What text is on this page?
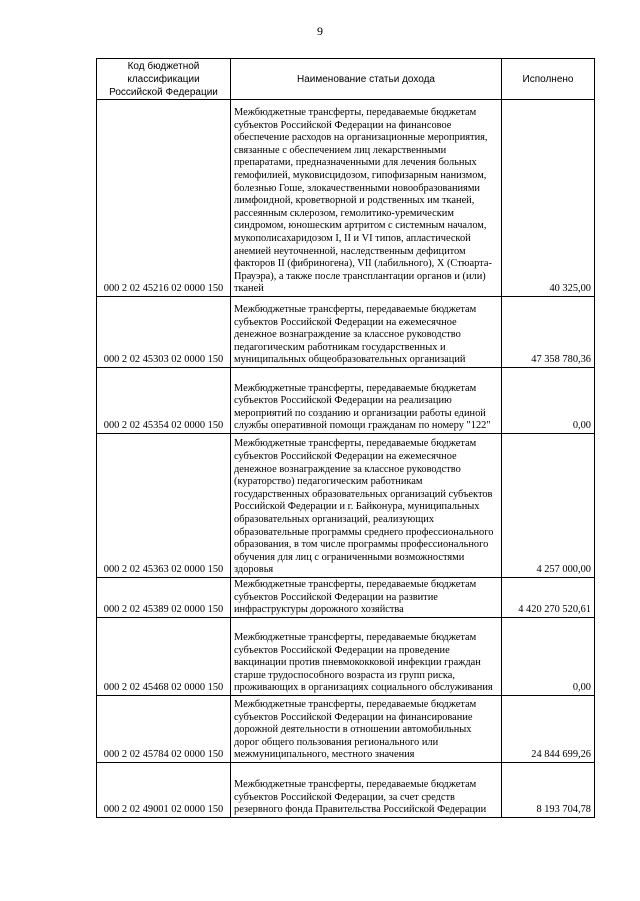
9
Код бюджетной классификации Российской Федерации	Наименование статьи дохода	Исполнено
000 2 02 45216 02 0000 150	Межбюджетные трансферты, передаваемые бюджетам субъектов Российской Федерации на финансовое обеспечение расходов на организационные мероприятия, связанные с обеспечением лиц лекарственными препаратами, предназначенными для лечения больных гемофилией, муковисцидозом, гипофизарным нанизмом, болезнью Гоше, злокачественными новообразованиями лимфоидной, кроветворной и родственных им тканей, рассеянным склерозом, гемолитико-уремическим синдромом, юношеским артритом с системным началом, мукополисахаридозом I, II и VI типов, апластической анемией неуточненной, наследственным дефицитом факторов II (фибриногена), VII (лабильного), X (Стюарта-Прауэра), а также после трансплантации органов и (или) тканей	40 325,00
000 2 02 45303 02 0000 150	Межбюджетные трансферты, передаваемые бюджетам субъектов Российской Федерации на ежемесячное денежное вознаграждение за классное руководство педагогическим работникам государственных и муниципальных общеобразовательных организаций	47 358 780,36
000 2 02 45354 02 0000 150	Межбюджетные трансферты, передаваемые бюджетам субъектов Российской Федерации на реализацию мероприятий по созданию и организации работы единой службы оперативной помощи гражданам по номеру "122"	0,00
000 2 02 45363 02 0000 150	Межбюджетные трансферты, передаваемые бюджетам субъектов Российской Федерации на ежемесячное денежное вознаграждение за классное руководство (кураторство) педагогическим работникам государственных образовательных организаций субъектов Российской Федерации и г. Байконура, муниципальных образовательных организаций, реализующих образовательные программы среднего профессионального образования, в том числе программы профессионального обучения для лиц с ограниченными возможностями здоровья	4 257 000,00
000 2 02 45389 02 0000 150	Межбюджетные трансферты, передаваемые бюджетам субъектов Российской Федерации на развитие инфраструктуры дорожного хозяйства	4 420 270 520,61
000 2 02 45468 02 0000 150	Межбюджетные трансферты, передаваемые бюджетам субъектов Российской Федерации на проведение вакцинации против пневмококковой инфекции граждан старше трудоспособного возраста из групп риска, проживающих в организациях социального обслуживания	0,00
000 2 02 45784 02 0000 150	Межбюджетные трансферты, передаваемые бюджетам субъектов Российской Федерации на финансирование дорожной деятельности в отношении автомобильных дорог общего пользования регионального или межмуниципального, местного значения	24 844 699,26
000 2 02 49001 02 0000 150	Межбюджетные трансферты, передаваемые бюджетам субъектов Российской Федерации, за счет средств резервного фонда Правительства Российской Федерации	8 193 704,78
